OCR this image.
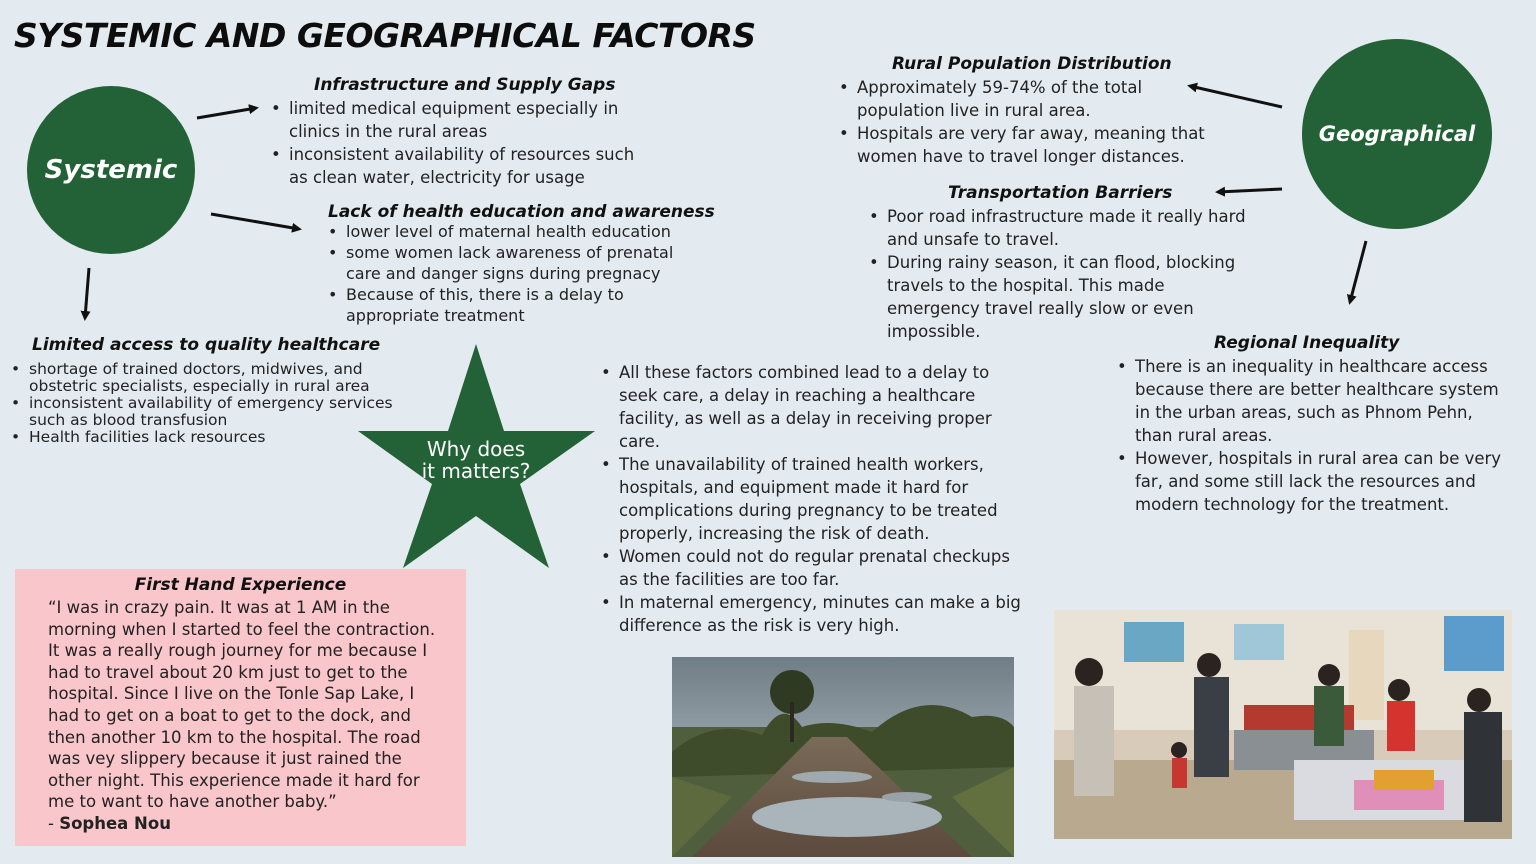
SYSTEMIC AND GEOGRAPHICAL FACTORS
Systemic
Geographical
Infrastructure and Supply Gaps
• limited medical equipment especially in clinics in the rural areas
• inconsistent availability of resources such as clean water, electricity for usage
Lack of health education and awareness
• lower level of maternal health education
• some women lack awareness of prenatal care and danger signs during pregnacy
• Because of this, there is a delay to appropriate treatment
Limited access to quality healthcare
• shortage of trained doctors, midwives, and obstetric specialists, especially in rural area
• inconsistent availability of emergency services such as blood transfusion
• Health facilities lack resources	Why does it matters?
• All these factors combined lead to a delay to seek care, a delay in reaching a healthcare facility, as well as a delay in receiving proper care.
• The unavailability of trained health workers, hospitals, and equipment made it hard for complications during pregnancy to be treated properly, increasing the risk of death.
• Women could not do regular prenatal checkups as the facilities are too far.
• In maternal emergency, minutes can make a big difference as the risk is very high.
Rural Population Distribution
• Approximately 59-74% of the total population live in rural area.
• Hospitals are very far away, meaning that women have to travel longer distances.
Transportation Barriers
• Poor road infrastructure made it really hard and unsafe to travel.
• During rainy season, it can flood, blocking travels to the hospital. This made emergency travel really slow or even impossible.
Regional Inequality
• There is an inequality in healthcare access because there are better healthcare system in the urban areas, such as Phnom Pehn, than rural areas.
• However, hospitals in rural area can be very far, and some still lack the resources and modern technology for the treatment.
First Hand Experience
“I was in crazy pain. It was at 1 AM in the morning when I started to feel the contraction. It was a really rough journey for me because I had to travel about 20 km just to get to the hospital. Since I live on the Tonle Sap Lake, I had to get on a boat to get to the dock, and then another 10 km to the hospital. The road was vey slippery because it just rained the other night. This experience made it hard for me to want to have another baby.”
- Sophea Nou
